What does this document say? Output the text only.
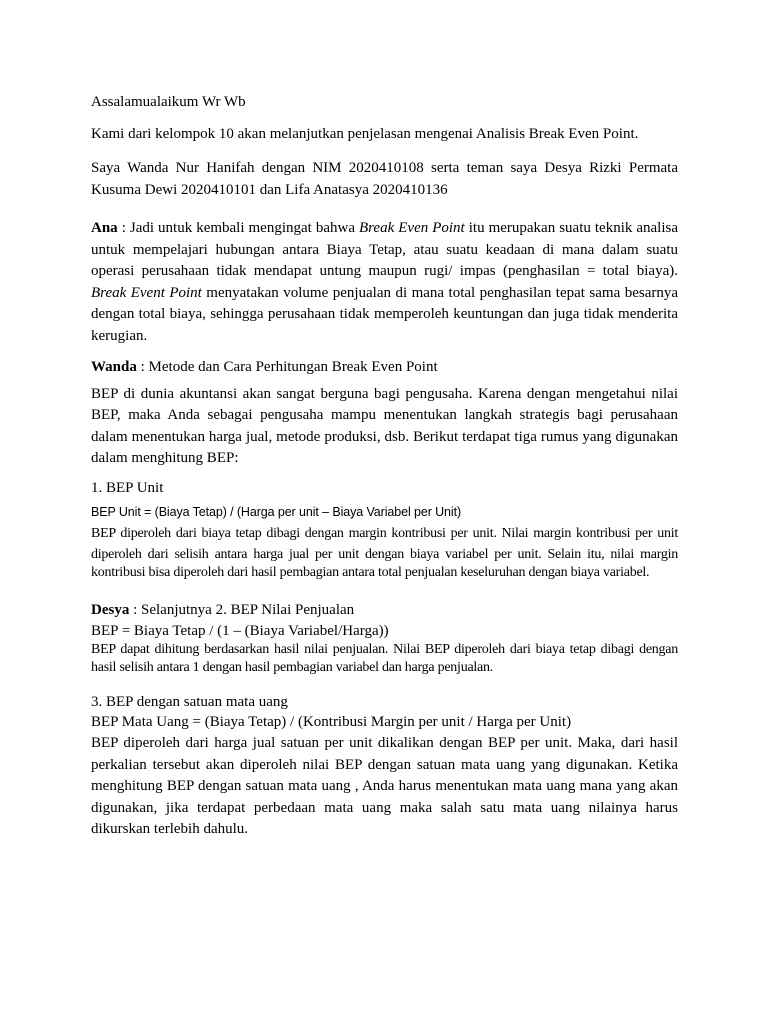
Assalamualaikum Wr Wb
Kami dari kelompok 10 akan melanjutkan penjelasan mengenai Analisis Break Even Point.
Saya Wanda Nur Hanifah dengan NIM 2020410108 serta teman saya Desya Rizki Permata
Kusuma Dewi 2020410101 dan Lifa Anatasya 2020410136
Ana : Jadi untuk kembali mengingat bahwa Break Even Point itu merupakan suatu teknik analisa
untuk mempelajari hubungan antara Biaya Tetap, atau suatu keadaan di mana dalam suatu
operasi perusahaan tidak mendapat untung maupun rugi/ impas (penghasilan = total biaya).
Break Event Point menyatakan volume penjualan di mana total penghasilan tepat sama besarnya
dengan total biaya, sehingga perusahaan tidak memperoleh keuntungan dan juga tidak menderita
kerugian.
Wanda : Metode dan Cara Perhitungan Break Even Point
BEP di dunia akuntansi akan sangat berguna bagi pengusaha. Karena dengan mengetahui nilai
BEP, maka Anda sebagai pengusaha mampu menentukan langkah strategis bagi perusahaan
dalam menentukan harga jual, metode produksi, dsb. Berikut terdapat tiga rumus yang digunakan
dalam menghitung BEP:
1. BEP Unit
BEP Unit = (Biaya Tetap) / (Harga per unit – Biaya Variabel per Unit)
BEP diperoleh dari biaya tetap dibagi dengan margin kontribusi per unit. Nilai margin kontribusi per unit
diperoleh dari selisih antara harga jual per unit dengan biaya variabel per unit. Selain itu, nilai margin
kontribusi bisa diperoleh dari hasil pembagian antara total penjualan keseluruhan dengan biaya variabel.
Desya : Selanjutnya 2. BEP Nilai Penjualan
BEP = Biaya Tetap / (1 – (Biaya Variabel/Harga))
BEP dapat dihitung berdasarkan hasil nilai penjualan. Nilai BEP diperoleh dari biaya tetap dibagi dengan
hasil selisih antara 1 dengan hasil pembagian variabel dan harga penjualan.
3. BEP dengan satuan mata uang
BEP Mata Uang = (Biaya Tetap) / (Kontribusi Margin per unit / Harga per Unit)
BEP diperoleh dari harga jual satuan per unit dikalikan dengan BEP per unit. Maka, dari hasil
perkalian tersebut akan diperoleh nilai BEP dengan satuan mata uang yang digunakan. Ketika
menghitung BEP dengan satuan mata uang , Anda harus menentukan mata uang mana yang akan
digunakan, jika terdapat perbedaan mata uang maka salah satu mata uang nilainya harus
dikurskan terlebih dahulu.
